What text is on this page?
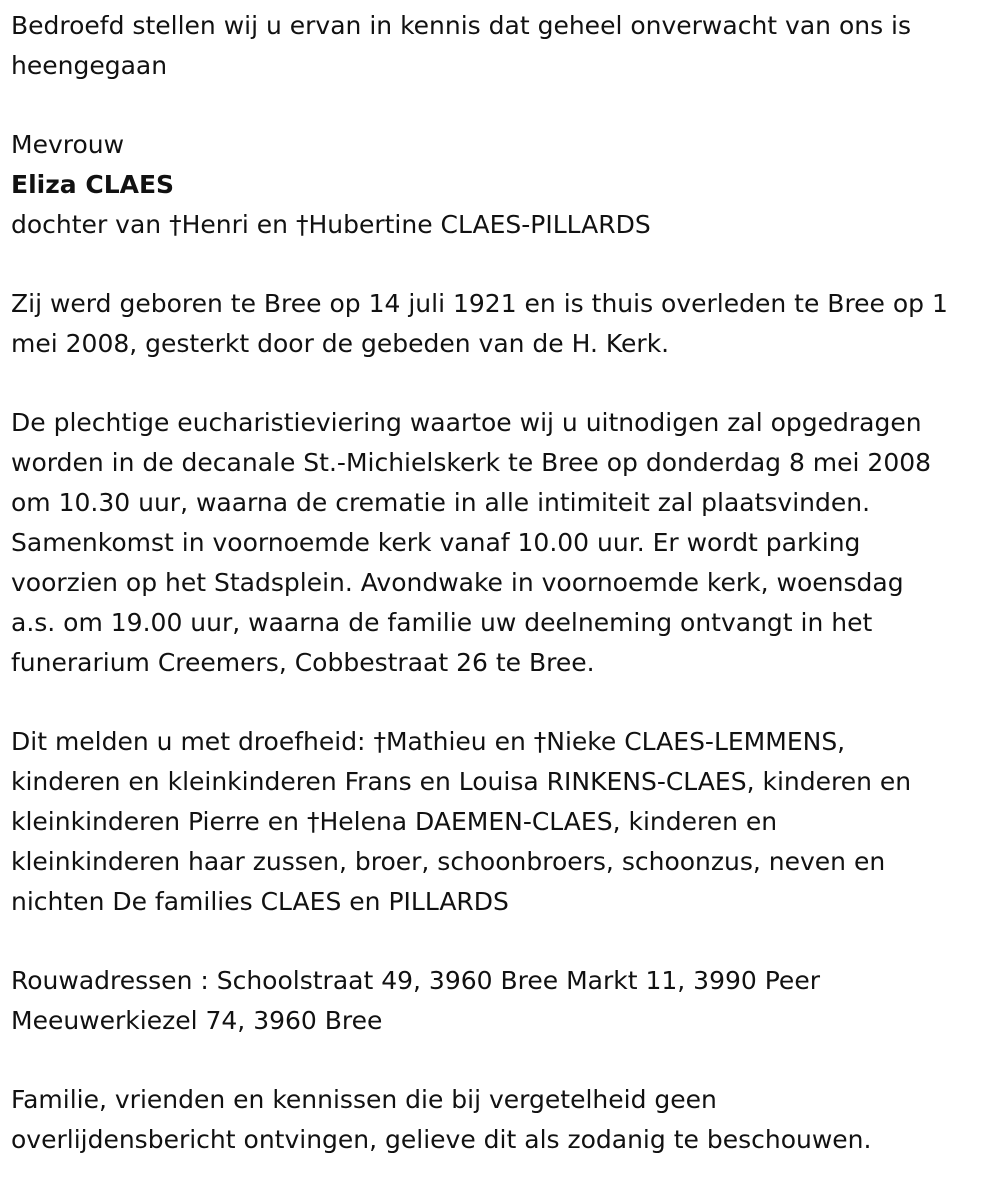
Bedroefd stellen wij u ervan in kennis dat geheel onverwacht van ons is
heengegaan
Mevrouw
Eliza CLAES
dochter van †Henri en †Hubertine CLAES-PILLARDS
Zij werd geboren te Bree op 14 juli 1921 en is thuis overleden te Bree op 1
mei 2008, gesterkt door de gebeden van de H. Kerk.
De plechtige eucharistieviering waartoe wij u uitnodigen zal opgedragen
worden in de decanale St.-Michielskerk te Bree op donderdag 8 mei 2008
om 10.30 uur, waarna de crematie in alle intimiteit zal plaatsvinden.
Samenkomst in voornoemde kerk vanaf 10.00 uur. Er wordt parking
voorzien op het Stadsplein. Avondwake in voornoemde kerk, woensdag
a.s. om 19.00 uur, waarna de familie uw deelneming ontvangt in het
funerarium Creemers, Cobbestraat 26 te Bree.
Dit melden u met droefheid: †Mathieu en †Nieke CLAES-LEMMENS,
kinderen en kleinkinderen Frans en Louisa RINKENS-CLAES, kinderen en
kleinkinderen Pierre en †Helena DAEMEN-CLAES, kinderen en
kleinkinderen haar zussen, broer, schoonbroers, schoonzus, neven en
nichten De families CLAES en PILLARDS
Rouwadressen : Schoolstraat 49, 3960 Bree Markt 11, 3990 Peer
Meeuwerkiezel 74, 3960 Bree
Familie, vrienden en kennissen die bij vergetelheid geen
overlijdensbericht ontvingen, gelieve dit als zodanig te beschouwen.
